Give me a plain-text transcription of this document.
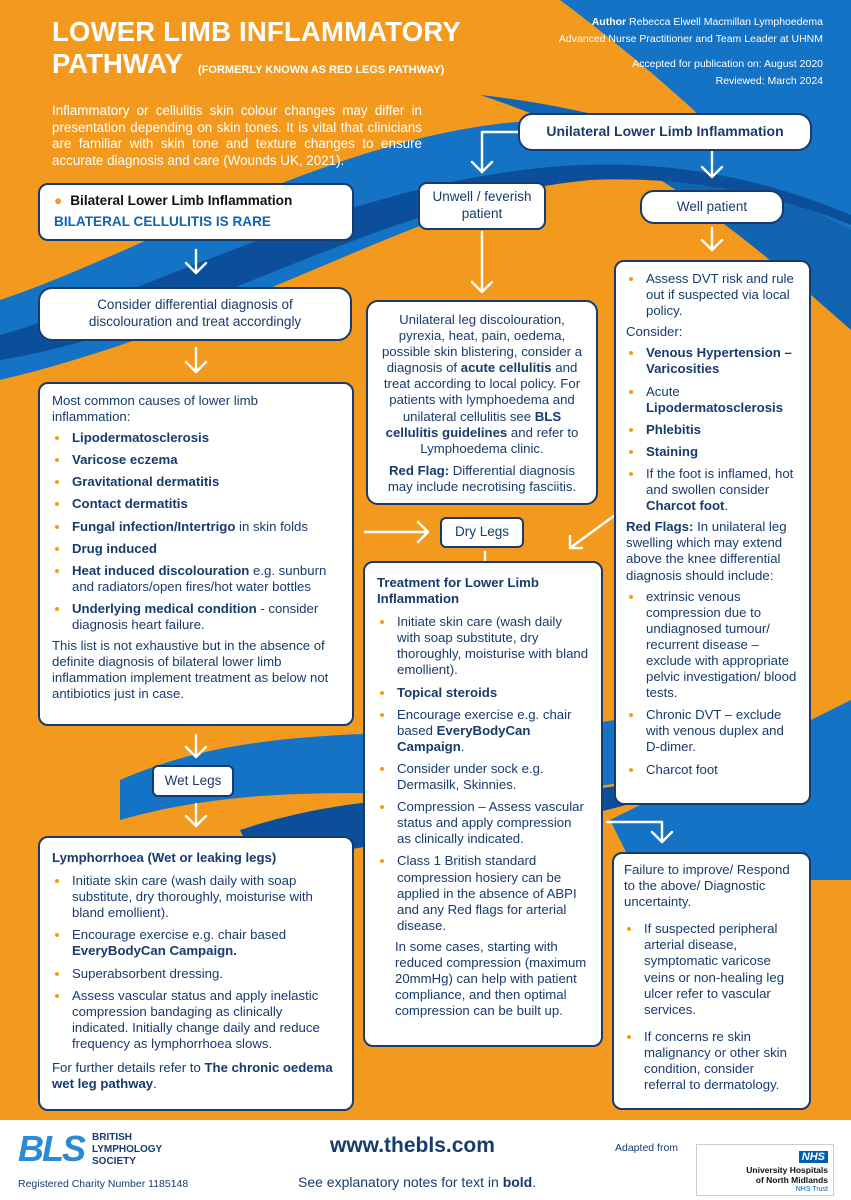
LOWER LIMB INFLAMMATORY
PATHWAY (FORMERLY KNOWN AS RED LEGS PATHWAY)
Author Rebecca Elwell Macmillan Lymphoedema
Advanced Nurse Practitioner and Team Leader at UHNM
Accepted for publication on: August 2020
Reviewed: March 2024
Inflammatory or cellulitis skin colour changes may differ in presentation depending on skin tones. It is vital that clinicians are familiar with skin tone and texture changes to ensure accurate diagnosis and care (Wounds UK, 2021).
Unilateral Lower Limb Inflammation
Unwell / feverish patient	Well patient
● Bilateral Lower Limb Inflammation
BILATERAL CELLULITIS IS RARE
Consider differential diagnosis of discolouration and treat accordingly
Most common causes of lower limb inflammation:
• Lipodermatosclerosis
• Varicose eczema
• Gravitational dermatitis
• Contact dermatitis
• Fungal infection/Intertrigo in skin folds
• Drug induced
• Heat induced discolouration e.g. sunburn and radiators/open fires/hot water bottles
• Underlying medical condition - consider diagnosis heart failure.
This list is not exhaustive but in the absence of definite diagnosis of bilateral lower limb inflammation implement treatment as below not antibiotics just in case.
Wet Legs
Dry Legs
Lymphorrhoea (Wet or leaking legs)
• Initiate skin care (wash daily with soap substitute, dry thoroughly, moisturise with bland emollient).
• Encourage exercise e.g. chair based EveryBodyCan Campaign.
• Superabsorbent dressing.
• Assess vascular status and apply inelastic compression bandaging as clinically indicated. Initially change daily and reduce frequency as lymphorrhoea slows.
For further details refer to The chronic oedema wet leg pathway.
Unilateral leg discolouration, pyrexia, heat, pain, oedema, possible skin blistering, consider a diagnosis of acute cellulitis and treat according to local policy. For patients with lymphoedema and unilateral cellulitis see BLS cellulitis guidelines and refer to Lymphoedema clinic.
Red Flag: Differential diagnosis may include necrotising fasciitis.
Treatment for Lower Limb Inflammation
• Initiate skin care (wash daily with soap substitute, dry thoroughly, moisturise with bland emollient).
• Topical steroids
• Encourage exercise e.g. chair based EveryBodyCan Campaign.
• Consider under sock e.g. Dermasilk, Skinnies.
• Compression – Assess vascular status and apply compression as clinically indicated.
• Class 1 British standard compression hosiery can be applied in the absence of ABPI and any Red flags for arterial disease.
In some cases, starting with reduced compression (maximum 20mmHg) can help with patient compliance, and then optimal compression can be built up.
• Assess DVT risk and rule out if suspected via local policy.
Consider:
• Venous Hypertension – Varicosities
• Acute Lipodermatosclerosis
• Phlebitis
• Staining
• If the foot is inflamed, hot and swollen consider Charcot foot.
Red Flags: In unilateral leg swelling which may extend above the knee differential diagnosis should include:
• extrinsic venous compression due to undiagnosed tumour/ recurrent disease – exclude with appropriate pelvic investigation/ blood tests.
• Chronic DVT – exclude with venous duplex and D-dimer.
• Charcot foot
Failure to improve/ Respond to the above/ Diagnostic uncertainty.
• If suspected peripheral arterial disease, symptomatic varicose veins or non-healing leg ulcer refer to vascular services.
• If concerns re skin malignancy or other skin condition, consider referral to dermatology.
BLS BRITISH
LYMPHOLOGY
SOCIETY
Registered Charity Number 1185148
www.thebls.com
See explanatory notes for text in bold.
Adapted from
NHS
University Hospitals
of North Midlands
NHS Trust
